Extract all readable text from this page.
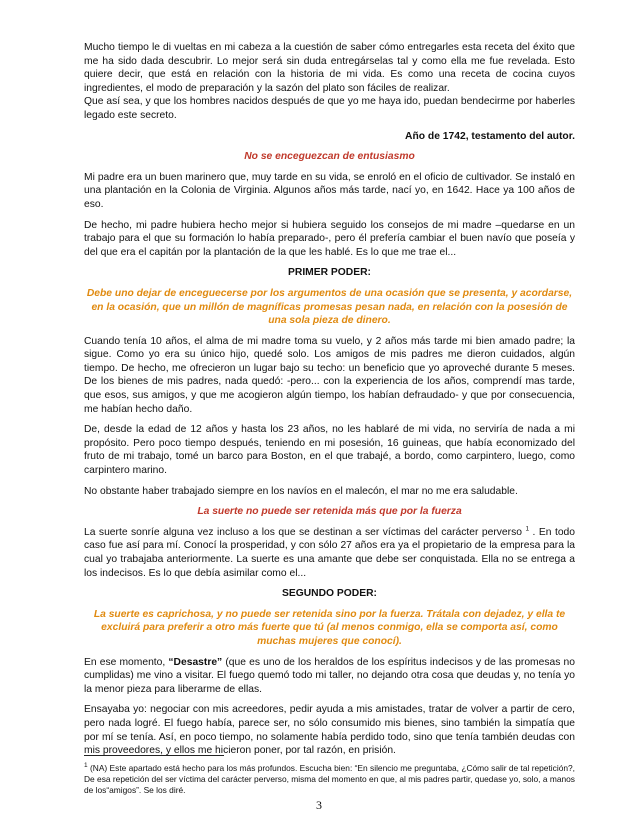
Mucho tiempo le di vueltas en mi cabeza a la cuestión de saber cómo entregarles esta receta del éxito que me ha sido dada descubrir. Lo mejor será sin duda entregárselas tal y como ella me fue revelada. Esto quiere decir, que está en relación con la historia de mi vida. Es como una receta de cocina cuyos ingredientes, el modo de preparación y la sazón del plato son fáciles de realizar.

Que así sea, y que los hombres nacidos después de que yo me haya ido, puedan bendecirme por haberles legado este secreto.

Año de 1742, testamento del autor.

No se enceguezcan de entusiasmo

Mi padre era un buen marinero que, muy tarde en su vida, se enroló en el oficio de cultivador. Se instaló en una plantación en la Colonia de Virginia. Algunos años más tarde, nací yo, en 1642. Hace ya 100 años de eso.

De hecho, mi padre hubiera hecho mejor si hubiera seguido los consejos de mi madre –quedarse en un trabajo para el que su formación lo había preparado-, pero él prefería cambiar el buen navío que poseía y del que era el capitán por la plantación de la que les hablé. Es lo que me trae el...

PRIMER PODER:

Debe uno dejar de enceguecerse por los argumentos de una ocasión que se presenta, y acordarse, en la ocasión, que un millón de magníficas promesas pesan nada, en relación con la posesión de una sola pieza de dinero.

Cuando tenía 10 años, el alma de mi madre toma su vuelo, y 2 años más tarde mi bien amado padre; la sigue. Como yo era su único hijo, quedé solo. Los amigos de mis padres me dieron cuidados, algún tiempo. De hecho, me ofrecieron un lugar bajo su techo: un beneficio que yo aproveché durante 5 meses. De los bienes de mis padres, nada quedó: -pero... con la experiencia de los años, comprendí mas tarde, que esos, sus amigos, y que me acogieron algún tiempo, los habían defraudado- y que por consecuencia, me habían hecho daño.

De, desde la edad de 12 años y hasta los 23 años, no les hablaré de mi vida, no serviría de nada a mi propósito. Pero poco tiempo después, teniendo en mi posesión, 16 guineas, que había economizado del fruto de mi trabajo, tomé un barco para Boston, en el que trabajé, a bordo, como carpintero, luego, como carpintero marino.

No obstante haber trabajado siempre en los navíos en el malecón, el mar no me era saludable.

La suerte no puede ser retenida más que por la fuerza

La suerte sonríe alguna vez incluso a los que se destinan a ser víctimas del carácter perverso $^1$ . En todo caso fue así para mí. Conocí la prosperidad, y con sólo 27 años era ya el propietario de la empresa para la cual yo trabajaba anteriormente. La suerte es una amante que debe ser conquistada. Ella no se entrega a los indecisos. Es lo que debía asimilar como el...

SEGUNDO PODER:

La suerte es caprichosa, y no puede ser retenida sino por la fuerza. Trátala con dejadez, y ella te excluirá para preferir a otro más fuerte que tú (al menos conmigo, ella se comporta así, como muchas mujeres que conocí).

En ese momento, “Desastre” (que es uno de los heraldos de los espíritus indecisos y de las promesas no cumplidas) me vino a visitar. El fuego quemó todo mi taller, no dejando otra cosa que deudas y, no tenía yo la menor pieza para liberarme de ellas.

Ensayaba yo: negociar con mis acreedores, pedir ayuda a mis amistades, tratar de volver a partir de cero, pero nada logré. El fuego había, parece ser, no sólo consumido mis bienes, sino también la simpatía que por mí se tenía. Así, en poco tiempo, no solamente había perdido todo, sino que tenía también deudas con mis proveedores, y ellos me hicieron poner, por tal razón, en prisión.

$^1$ (NA) Este apartado está hecho para los más profundos. Escucha bien: “En silencio me preguntaba, ¿Cómo salir de tal repetición?, De esa repetición del ser víctima del carácter perverso, misma del momento en que, al mis padres partir, quedase yo, solo, a manos de los“amigos”. Se los diré.
3
